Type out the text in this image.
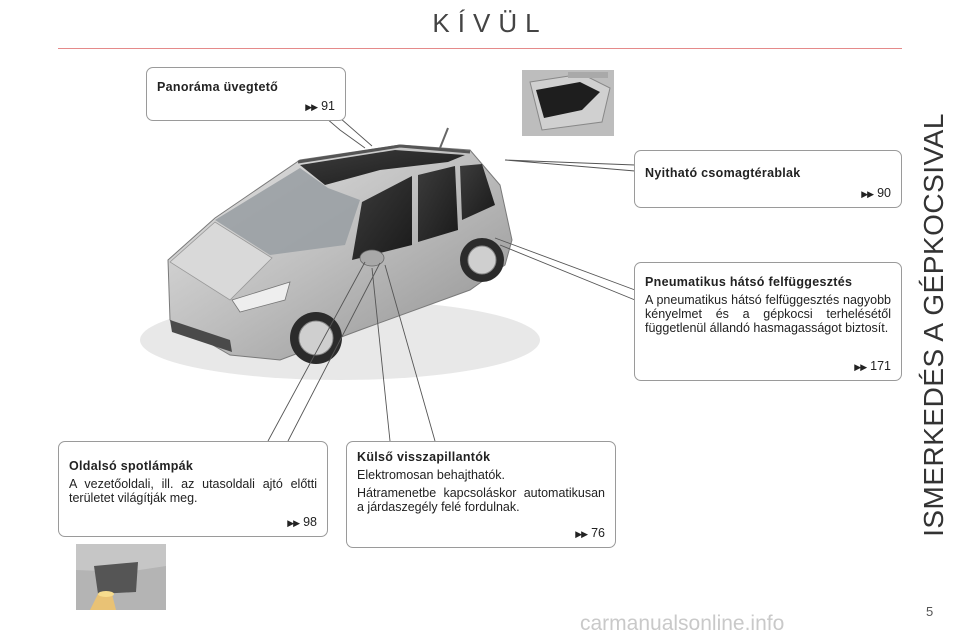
KÍVÜL
ISMERKEDÉS A GÉPKOCSIVAL
Panoráma üvegtető
▶▶ 91
Nyitható csomagtérablak
▶▶ 90
Pneumatikus hátsó felfüggesztés

A pneumatikus hátsó felfüggesztés nagyobb kényelmet és a gépkocsi terhelésétől függetlenül állandó hasmagasságot biztosít.

▶▶ 171
Oldalsó spotlámpák

A vezetőoldali, ill. az utasoldali ajtó előtti területet világítják meg.

▶▶ 98
Külső visszapillantók

Elektromosan behajthatók.

Hátramenetbe kapcsoláskor automatikusan a járdaszegély felé fordulnak.

▶▶ 76
5
carmanualsonline.info
